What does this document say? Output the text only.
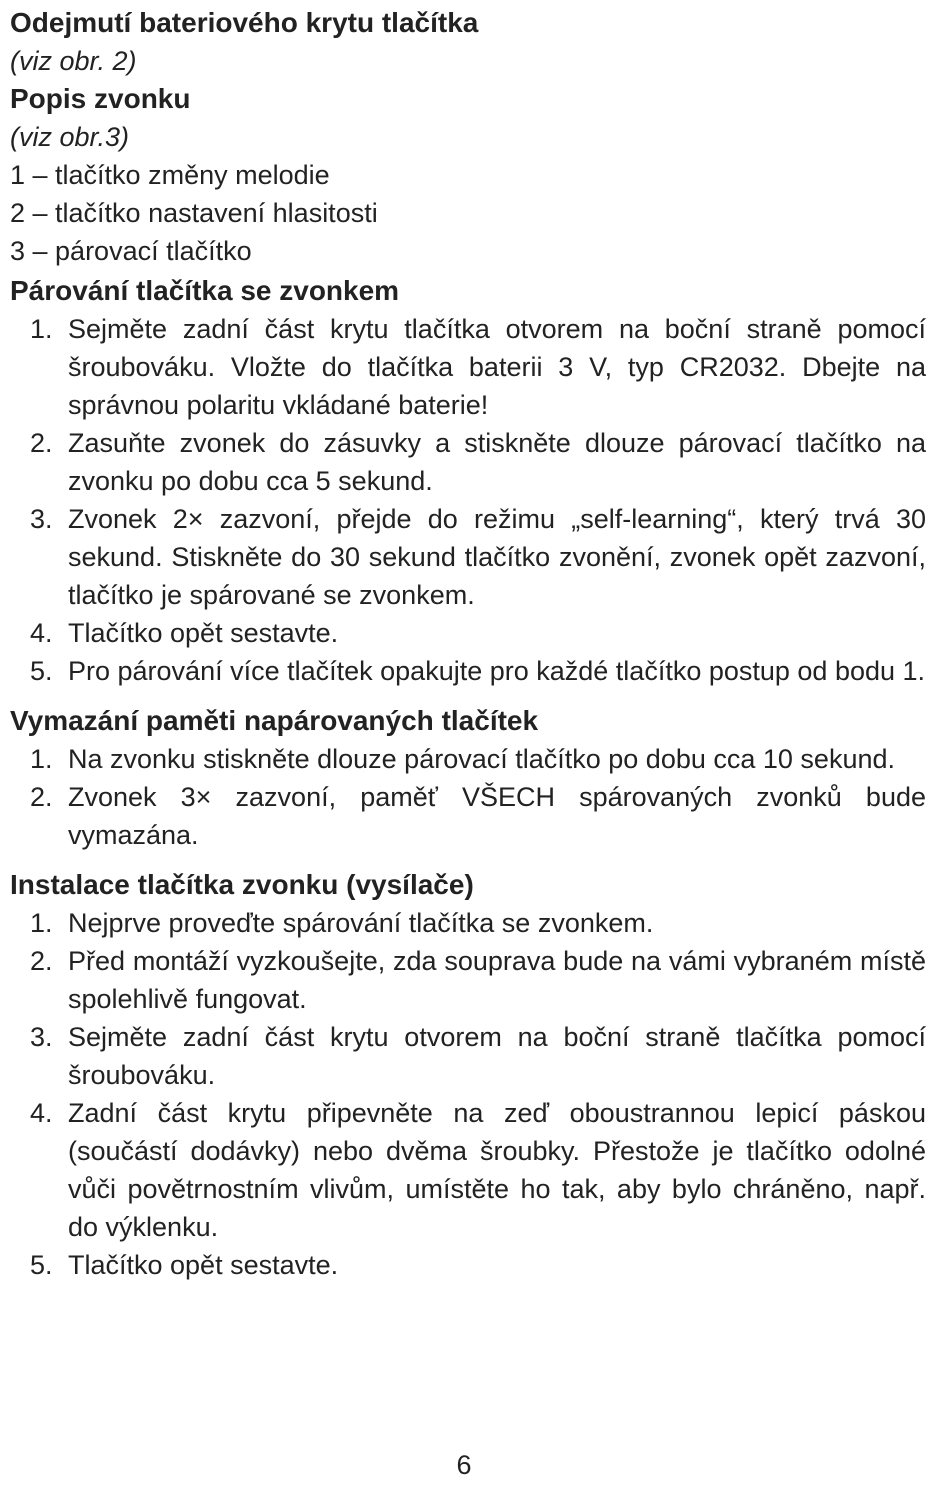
Odejmutí bateriového krytu tlačítka

(viz obr. 2)

Popis zvonku

(viz obr.3)

1 – tlačítko změny melodie

2 – tlačítko nastavení hlasitosti

3 – párovací tlačítko

Párování tlačítka se zvonkem
1. Sejměte zadní část krytu tlačítka otvorem na boční straně pomocí šroubováku. Vložte do tlačítka baterii 3 V, typ CR2032. Dbejte na správnou polaritu vkládané baterie!
2. Zasuňte zvonek do zásuvky a stiskněte dlouze párovací tlačítko na zvonku po dobu cca 5 sekund.
3. Zvonek 2× zazvoní, přejde do režimu „self-learning“, který trvá 30 sekund. Stiskněte do 30 sekund tlačítko zvonění, zvonek opět zazvoní, tlačítko je spárované se zvonkem.
4. Tlačítko opět sestavte.
5. Pro párování více tlačítek opakujte pro každé tlačítko postup od bodu 1.
Vymazání paměti napárovaných tlačítek
1. Na zvonku stiskněte dlouze párovací tlačítko po dobu cca 10 sekund.
2. Zvonek 3× zazvoní, paměť VŠECH spárovaných zvonků bude vymazána.
Instalace tlačítka zvonku (vysílače)
1. Nejprve proveďte spárování tlačítka se zvonkem.
2. Před montáží vyzkoušejte, zda souprava bude na vámi vybraném místě spolehlivě fungovat.
3. Sejměte zadní část krytu otvorem na boční straně tlačítka pomocí šroubováku.
4. Zadní část krytu připevněte na zeď oboustrannou lepicí páskou (součástí dodávky) nebo dvěma šroubky. Přestože je tlačítko odolné vůči povětrnostním vlivům, umístěte ho tak, aby bylo chráněno, např. do výklenku.
5. Tlačítko opět sestavte.
6
